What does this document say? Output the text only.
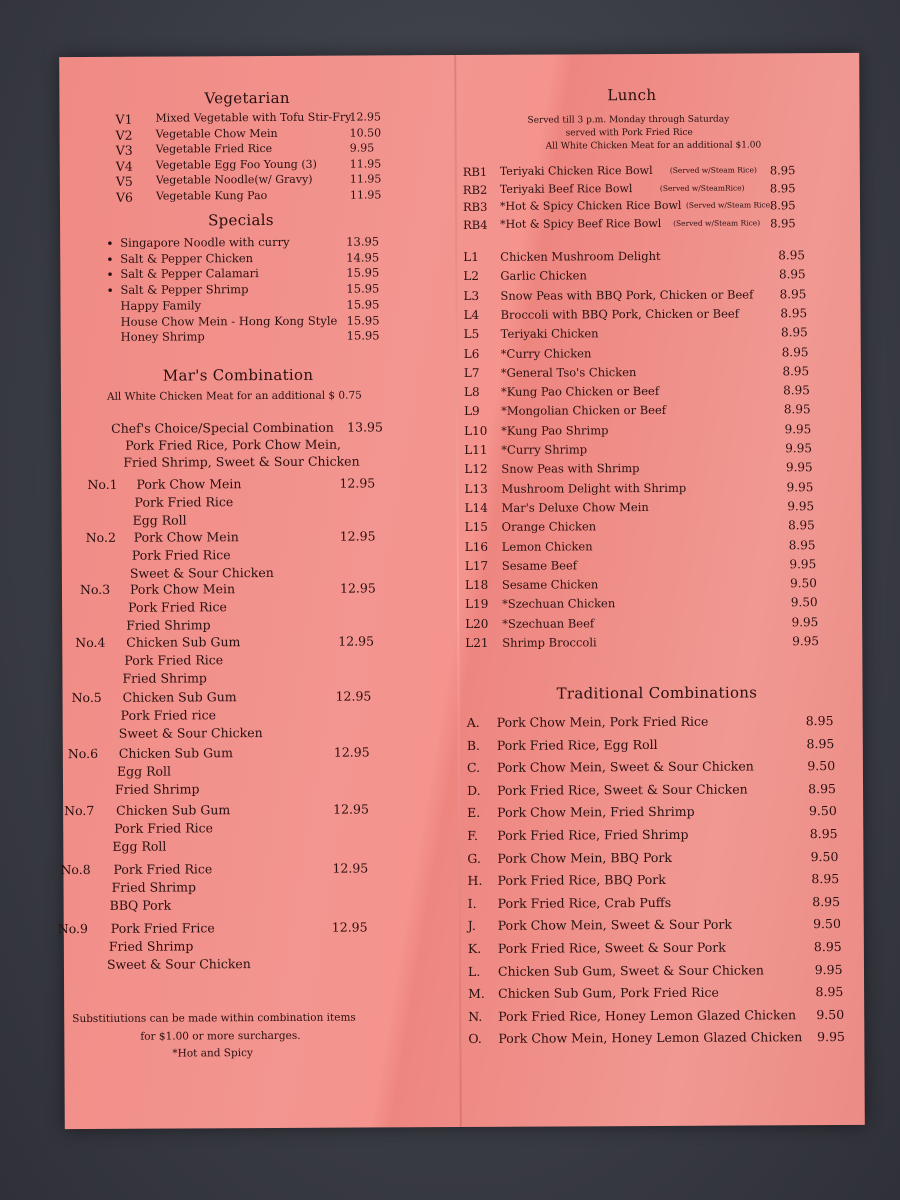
Vegetarian
V1 Mixed Vegetable with Tofu Stir-Fry
12.95
V2 Vegetable Chow Mein	10.50
V3 Vegetable Fried Rice	9.95
V4 Vegetable Egg Foo Young (3)	11.95
V5 Vegetable Noodle(w/ Gravy)	11.95
V6 Vegetable Kung Pao	11.95
Specials
• Singapore Noodle with curry	13.95
• Salt & Pepper Chicken	14.95
• Salt & Pepper Calamari	15.95
• Salt & Pepper Shrimp	15.95
Happy Family	15.95
House Chow Mein - Hong Kong Style 15.95
Honey Shrimp	15.95
Mar's Combination
All White Chicken Meat for an additional $ 0.75
Chef's Choice/Special Combination 13.95
Pork Fried Rice, Pork Chow Mein,
Fried Shrimp, Sweet & Sour Chicken
No.1	12.95
Pork Chow Mein
Pork Fried Rice
Egg Roll
No.2	12.95
Pork Chow Mein
Pork Fried Rice
Sweet & Sour Chicken
No.3	12.95
Pork Chow Mein
Pork Fried Rice
Fried Shrimp
No.4	12.95
Chicken Sub Gum
Pork Fried Rice
Fried Shrimp
No.5	12.95
Chicken Sub Gum
Pork Fried rice
Sweet & Sour Chicken
No.6	12.95
Chicken Sub Gum
Egg Roll
Fried Shrimp
No.7	12.95
Chicken Sub Gum
Pork Fried Rice
Egg Roll
No.8	12.95
Pork Fried Rice
Fried Shrimp
BBQ Pork
No.9	12.95
Pork Fried Frice
Fried Shrimp
Sweet & Sour Chicken
Substitiutions can be made within combination items
for $1.00 or more surcharges.
*Hot and Spicy
Lunch
Served till 3 p.m. Monday through Saturday
served with Pork Fried Rice
All White Chicken Meat for an additional $1.00
RB1 Teriyaki Chicken Rice Bowl (Served w/Steam Rice) 8.95
RB2 Teriyaki Beef Rice Bowl	(Served w/SteamRice) 8.95
RB3 *Hot & Spicy Chicken Rice Bowl (Served w/Steam Rice)
8.95
RB4 *Hot & Spicy Beef Rice Bowl (Served w/Steam Rice) 8.95
L1 Chicken Mushroom Delight	8.95
L2 Garlic Chicken	8.95
L3 Snow Peas with BBQ Pork, Chicken or Beef 8.95
L4 Broccoli with BBQ Pork, Chicken or Beef	8.95
L5 Teriyaki Chicken	8.95
L6 *Curry Chicken	8.95
L7 *General Tso's Chicken	8.95
L8 *Kung Pao Chicken or Beef	8.95
L9 *Mongolian Chicken or Beef	8.95
L10 *Kung Pao Shrimp	9.95
L11 *Curry Shrimp	9.95
L12 Snow Peas with Shrimp	9.95
L13 Mushroom Delight with Shrimp	9.95
L14 Mar's Deluxe Chow Mein	9.95
L15 Orange Chicken	8.95
L16 Lemon Chicken	8.95
L17 Sesame Beef	9.95
L18 Sesame Chicken	9.50
L19 *Szechuan Chicken	9.50
L20 *Szechuan Beef	9.95
L21 Shrimp Broccoli	9.95
Traditional Combinations
A. Pork Chow Mein, Pork Fried Rice	8.95
B. Pork Fried Rice, Egg Roll	8.95
C. Pork Chow Mein, Sweet & Sour Chicken	9.50
D. Pork Fried Rice, Sweet & Sour Chicken	8.95
E. Pork Chow Mein, Fried Shrimp	9.50
F. Pork Fried Rice, Fried Shrimp	8.95
G. Pork Chow Mein, BBQ Pork	9.50
H. Pork Fried Rice, BBQ Pork	8.95
I. Pork Fried Rice, Crab Puffs	8.95
J. Pork Chow Mein, Sweet & Sour Pork	9.50
K. Pork Fried Rice, Sweet & Sour Pork	8.95
L. Chicken Sub Gum, Sweet & Sour Chicken	9.95
M. Chicken Sub Gum, Pork Fried Rice	8.95
N. Pork Fried Rice, Honey Lemon Glazed Chicken 9.50
O. Pork Chow Mein, Honey Lemon Glazed Chicken 9.95
